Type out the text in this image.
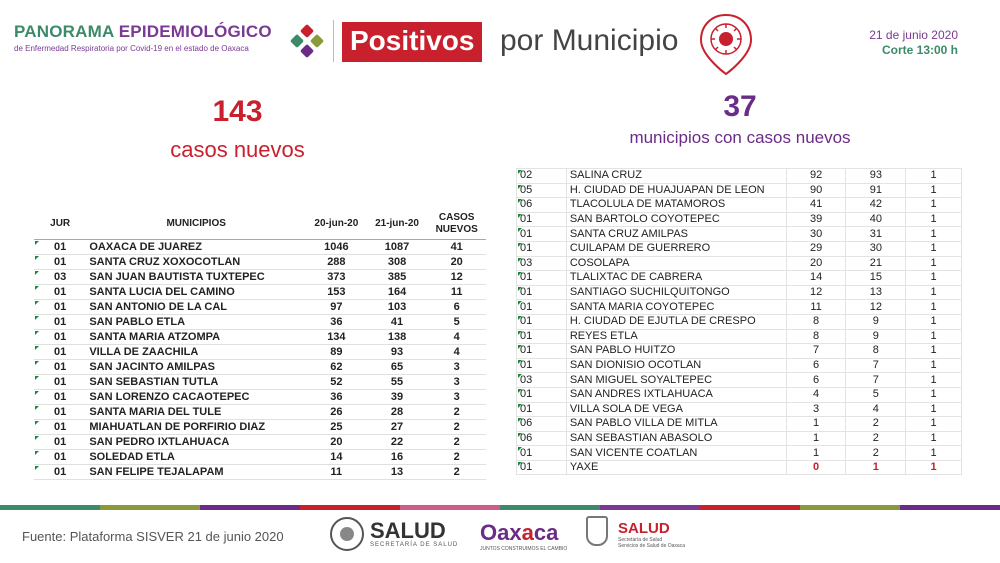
PANORAMA EPIDEMIOLÓGICO
de Enfermedad Respiratoria por Covid-19 en el estado de Oaxaca	Positivos por Municipio	21 de junio 2020
Corte 13:00 h
143
casos nuevos
37
municipios con casos nuevos
JUR	MUNICIPIOS	20-jun-20	21-jun-20	CASOS NUEVOS
01	OAXACA DE JUAREZ	1046	1087	41
01	SANTA CRUZ XOXOCOTLAN	288	308	20
03	SAN JUAN BAUTISTA TUXTEPEC	373	385	12
01	SANTA LUCIA DEL CAMINO	153	164	11
01	SAN ANTONIO DE LA CAL	97	103	6
01	SAN PABLO ETLA	36	41	5
01	SANTA MARIA ATZOMPA	134	138	4
01	VILLA DE ZAACHILA	89	93	4
01	SAN JACINTO AMILPAS	62	65	3
01	SAN SEBASTIAN TUTLA	52	55	3
01	SAN LORENZO CACAOTEPEC	36	39	3
01	SANTA MARIA DEL TULE	26	28	2
01	MIAHUATLAN DE PORFIRIO DIAZ	25	27	2
01	SAN PEDRO IXTLAHUACA	20	22	2
01	SOLEDAD ETLA	14	16	2
01	SAN FELIPE TEJALAPAM	11	13	2
02	SALINA CRUZ	92	93	1
05	H. CIUDAD DE HUAJUAPAN DE LEON	90	91	1
06	TLACOLULA DE MATAMOROS	41	42	1
01	SAN BARTOLO COYOTEPEC	39	40	1
01	SANTA CRUZ AMILPAS	30	31	1
01	CUILAPAM DE GUERRERO	29	30	1
03	COSOLAPA	20	21	1
01	TLALIXTAC DE CABRERA	14	15	1
01	SANTIAGO SUCHILQUITONGO	12	13	1
01	SANTA MARIA COYOTEPEC	11	12	1
01	H. CIUDAD DE EJUTLA DE CRESPO	8	9	1
01	REYES ETLA	8	9	1
01	SAN PABLO HUITZO	7	8	1
01	SAN DIONISIO OCOTLAN	6	7	1
03	SAN MIGUEL SOYALTEPEC	6	7	1
01	SAN ANDRES IXTLAHUACA	4	5	1
01	VILLA SOLA DE VEGA	3	4	1
06	SAN PABLO VILLA DE MITLA	1	2	1
06	SAN SEBASTIAN ABASOLO	1	2	1
01	SAN VICENTE COATLAN	1	2	1
01	YAXE	0	1	1
Fuente: Plataforma SISVER 21 de junio 2020	SALUD
SECRETARÍA DE SALUD Oaxaca
JUNTOS CONSTRUIMOS EL CAMBIO
SALUD
Secretaría de Salud
Servicios de Salud de Oaxaca
